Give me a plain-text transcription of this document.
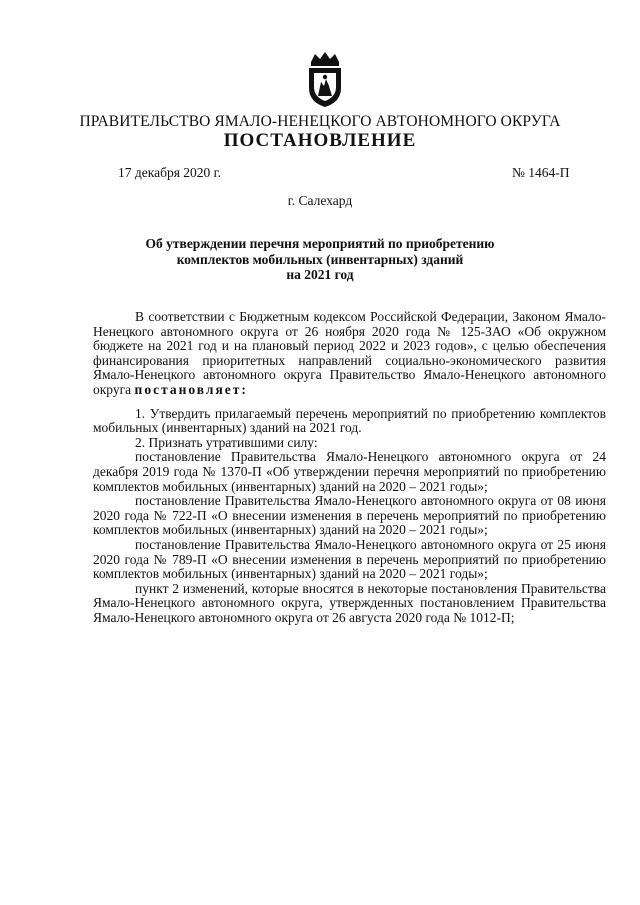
ПРАВИТЕЛЬСТВО ЯМАЛО-НЕНЕЦКОГО АВТОНОМНОГО ОКРУГА
ПОСТАНОВЛЕНИЕ
17 декабря 2020 г.	№ 1464-П
г. Салехард
Об утверждении перечня мероприятий по приобретению
комплектов мобильных (инвентарных) зданий
на 2021 год

В соответствии с Бюджетным кодексом Российской Федерации, Законом Ямало-Ненецкого автономного округа от 26 ноября 2020 года № 125-ЗАО «Об окружном бюджете на 2021 год и на плановый период 2022 и 2023 годов», с целью обеспечения финансирования приоритетных направлений социально-экономического развития Ямало-Ненецкого автономного округа Правительство Ямало-Ненецкого автономного округа постановляет:

1. Утвердить прилагаемый перечень мероприятий по приобретению комплектов мобильных (инвентарных) зданий на 2021 год.

2. Признать утратившими силу:

постановление Правительства Ямало-Ненецкого автономного округа от 24 декабря 2019 года № 1370-П «Об утверждении перечня мероприятий по приобретению комплектов мобильных (инвентарных) зданий на 2020 – 2021 годы»;

постановление Правительства Ямало-Ненецкого автономного округа от 08 июня 2020 года № 722-П «О внесении изменения в перечень мероприятий по приобретению комплектов мобильных (инвентарных) зданий на 2020 – 2021 годы»;

постановление Правительства Ямало-Ненецкого автономного округа от 25 июня 2020 года № 789-П «О внесении изменения в перечень мероприятий по приобретению комплектов мобильных (инвентарных) зданий на 2020 – 2021 годы»;

пункт 2 изменений, которые вносятся в некоторые постановления Правительства Ямало-Ненецкого автономного округа, утвержденных постановлением Правительства Ямало-Ненецкого автономного округа от 26 августа 2020 года № 1012-П;
